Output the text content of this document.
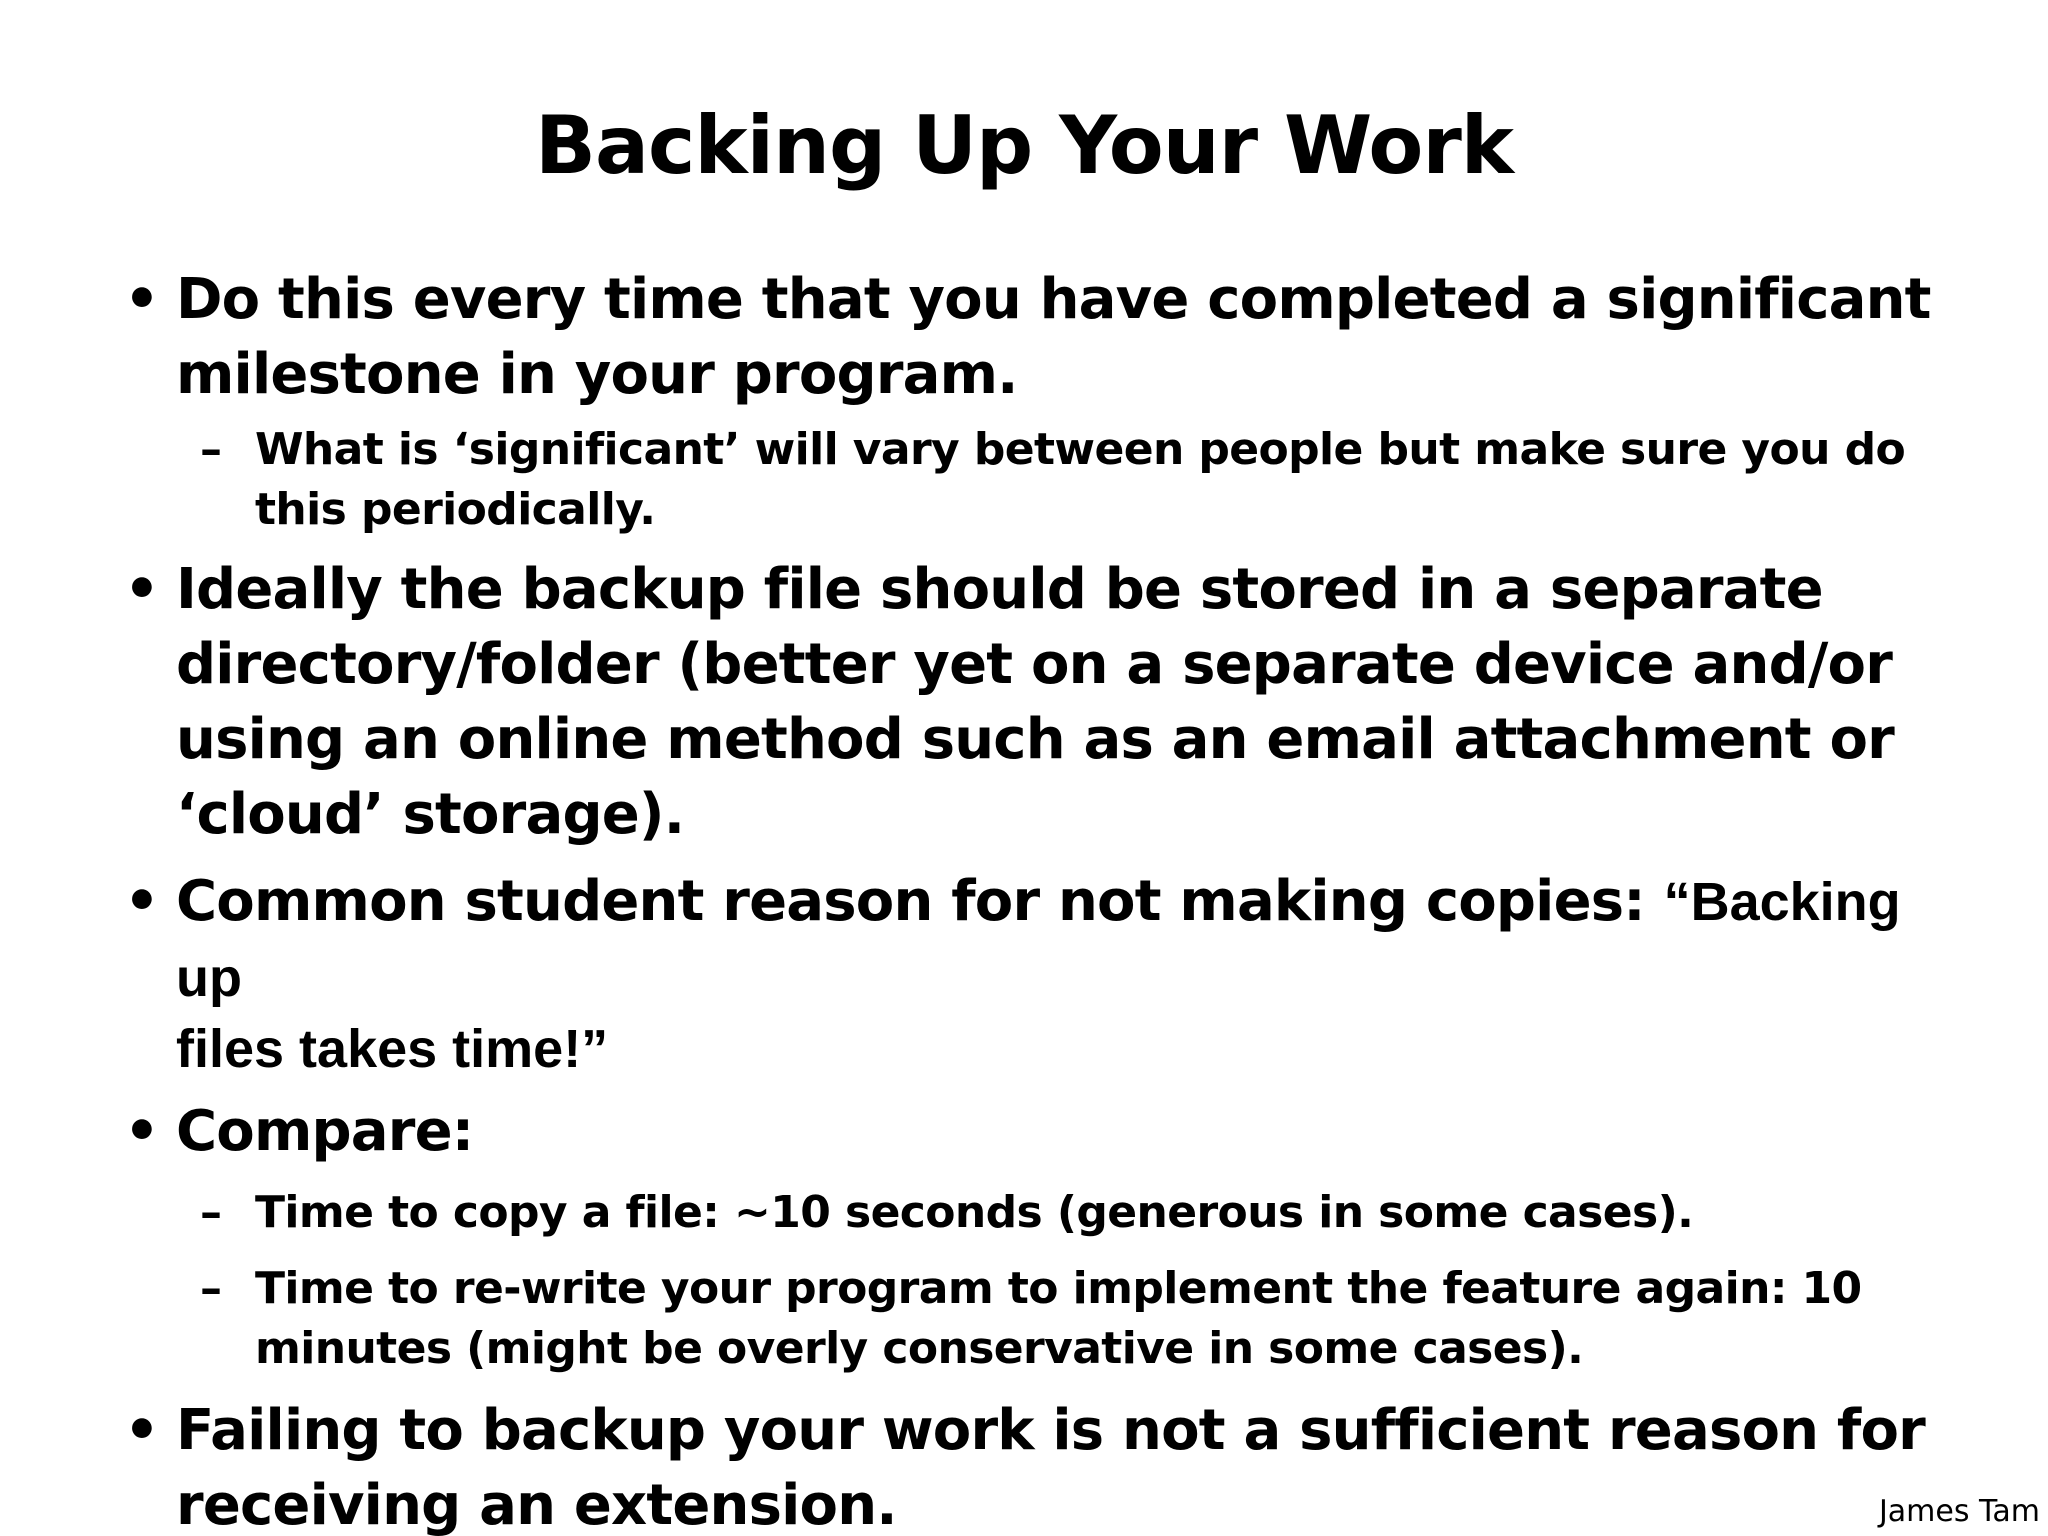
Backing Up Your Work
• Do this every time that you have completed a significant milestone in your program.
– What is ‘significant’ will vary between people but make sure you do this periodically.
• Ideally the backup file should be stored in a separate directory/folder (better yet on a separate device and/or using an online method such as an email attachment or ‘cloud’ storage).
• Common student reason for not making copies: “Backing up
files takes time!”
• Compare:
– Time to copy a file: ~10 seconds (generous in some cases).
– Time to re-write your program to implement the feature again: 10 minutes (might be overly conservative in some cases).
• Failing to backup your work is not a sufficient reason for receiving an extension.	James Tam
